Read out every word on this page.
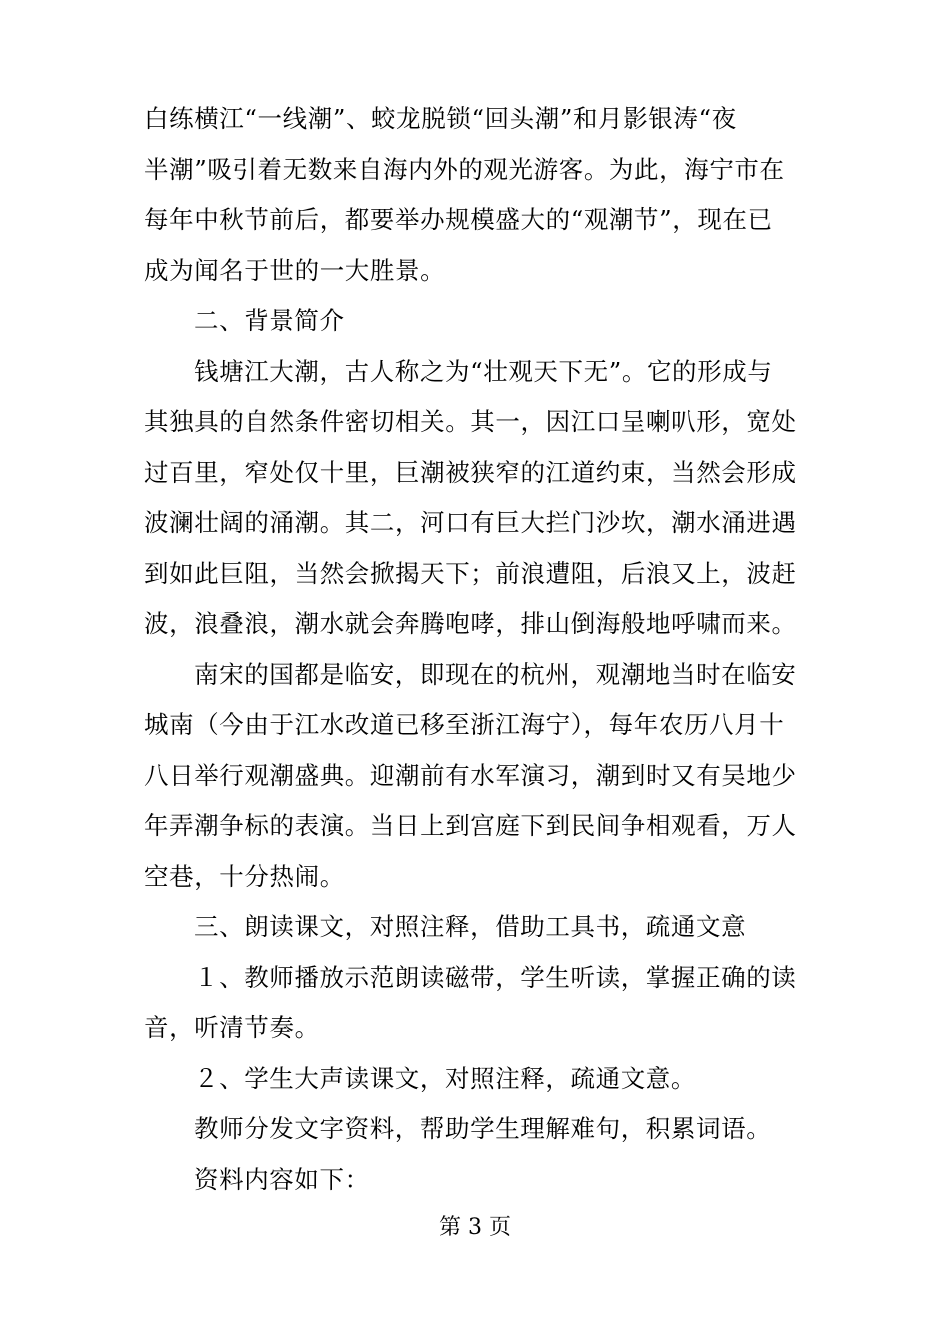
白练横江“一线潮”、蛟龙脱锁“回头潮”和月影银涛“夜
半潮”吸引着无数来自海内外的观光游客。为此，海宁市在
每年中秋节前后，都要举办规模盛大的“观潮节”，现在已
成为闻名于世的一大胜景。
二、背景简介
钱塘江大潮，古人称之为“壮观天下无”。它的形成与
其独具的自然条件密切相关。其一，因江口呈喇叭形，宽处
过百里，窄处仅十里，巨潮被狭窄的江道约束，当然会形成
波澜壮阔的涌潮。其二，河口有巨大拦门沙坎，潮水涌进遇
到如此巨阻，当然会掀揭天下；前浪遭阻，后浪又上，波赶
波，浪叠浪，潮水就会奔腾咆哮，排山倒海般地呼啸而来。
南宋的国都是临安，即现在的杭州，观潮地当时在临安
城南（今由于江水改道已移至浙江海宁），每年农历八月十
八日举行观潮盛典。迎潮前有水军演习，潮到时又有吴地少
年弄潮争标的表演。当日上到宫庭下到民间争相观看，万人
空巷，十分热闹。
三、朗读课文，对照注释，借助工具书，疏通文意
１、教师播放示范朗读磁带，学生听读，掌握正确的读
音，听清节奏。
２、学生大声读课文，对照注释，疏通文意。
教师分发文字资料，帮助学生理解难句，积累词语。
资料内容如下：
第 3 页
